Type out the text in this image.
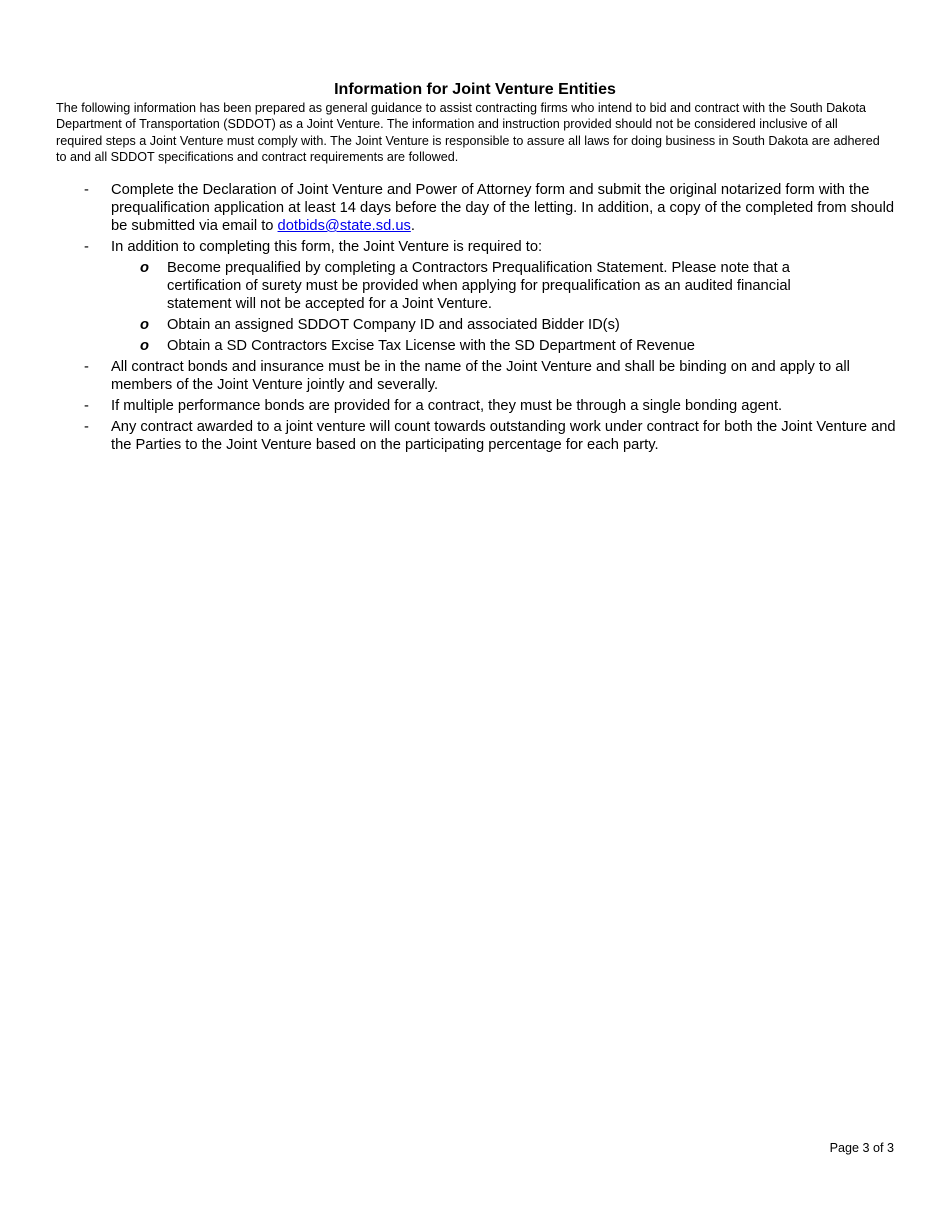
Information for Joint Venture Entities

The following information has been prepared as general guidance to assist contracting firms who intend to bid and contract with the South Dakota Department of Transportation (SDDOT) as a Joint Venture. The information and instruction provided should not be considered inclusive of all required steps a Joint Venture must comply with. The Joint Venture is responsible to assure all laws for doing business in South Dakota are adhered to and all SDDOT specifications and contract requirements are followed.

- Complete the Declaration of Joint Venture and Power of Attorney form and submit the original notarized form with the prequalification application at least 14 days before the day of the letting. In addition, a copy of the completed from should be submitted via email to dotbids@state.sd.us.
- In addition to completing this form, the Joint Venture is required to:
o Become prequalified by completing a Contractors Prequalification Statement. Please note that a certification of surety must be provided when applying for prequalification as an audited financial statement will not be accepted for a Joint Venture.
o Obtain an assigned SDDOT Company ID and associated Bidder ID(s)
o Obtain a SD Contractors Excise Tax License with the SD Department of Revenue
- All contract bonds and insurance must be in the name of the Joint Venture and shall be binding on and apply to all members of the Joint Venture jointly and severally.
- If multiple performance bonds are provided for a contract, they must be through a single bonding agent.
- Any contract awarded to a joint venture will count towards outstanding work under contract for both the Joint Venture and the Parties to the Joint Venture based on the participating percentage for each party.

Page 3 of 3
